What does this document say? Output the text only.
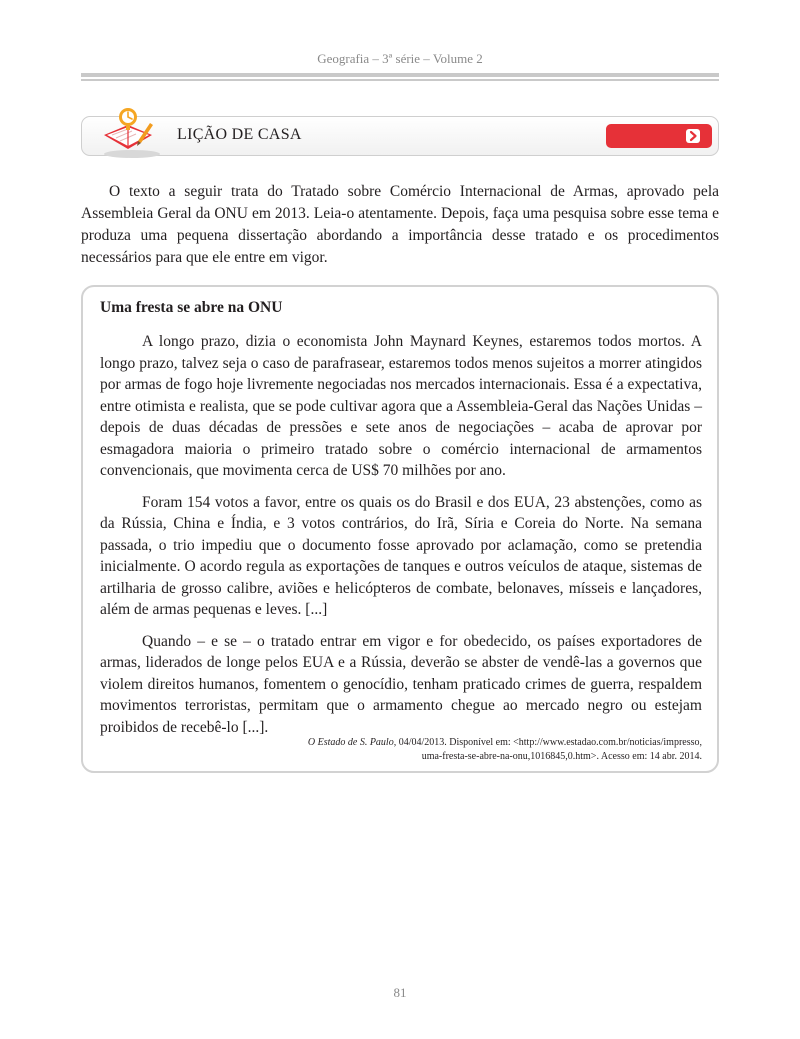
Geografia – 3ª série – Volume 2
LIÇÃO DE CASA

O texto a seguir trata do Tratado sobre Comércio Internacional de Armas, aprovado pela Assembleia Geral da ONU em 2013. Leia-o atentamente. Depois, faça uma pesquisa sobre esse tema e produza uma pequena dissertação abordando a importância desse tratado e os procedimentos necessários para que ele entre em vigor.

Uma fresta se abre na ONU

A longo prazo, dizia o economista John Maynard Keynes, estaremos todos mortos. A longo prazo, talvez seja o caso de parafrasear, estaremos todos menos sujeitos a morrer atingidos por armas de fogo hoje livremente negociadas nos mercados internacionais. Essa é a expectativa, entre otimista e realista, que se pode cultivar agora que a Assembleia-Geral das Nações Unidas – depois de duas décadas de pressões e sete anos de negociações – acaba de aprovar por esmagadora maioria o primeiro tratado sobre o comércio internacional de armamentos convencionais, que movimenta cerca de US$ 70 milhões por ano.

Foram 154 votos a favor, entre os quais os do Brasil e dos EUA, 23 abstenções, como as da Rússia, China e Índia, e 3 votos contrários, do Irã, Síria e Coreia do Norte. Na semana passada, o trio impediu que o documento fosse aprovado por aclamação, como se pretendia inicialmente. O acordo regula as exportações de tanques e outros veículos de ataque, sistemas de artilharia de grosso calibre, aviões e helicópteros de combate, belonaves, mísseis e lançadores, além de armas pequenas e leves. [...]

Quando – e se – o tratado entrar em vigor e for obedecido, os países exportadores de armas, liderados de longe pelos EUA e a Rússia, deverão se abster de vendê-las a governos que violem direitos humanos, fomentem o genocídio, tenham praticado crimes de guerra, respaldem movimentos terroristas, permitam que o armamento chegue ao mercado negro ou estejam proibidos de recebê-lo [...].

O Estado de S. Paulo, 04/04/2013. Disponível em: <http://www.estadao.com.br/noticias/impresso,
uma-fresta-se-abre-na-onu,1016845,0.htm>. Acesso em: 14 abr. 2014.
81
